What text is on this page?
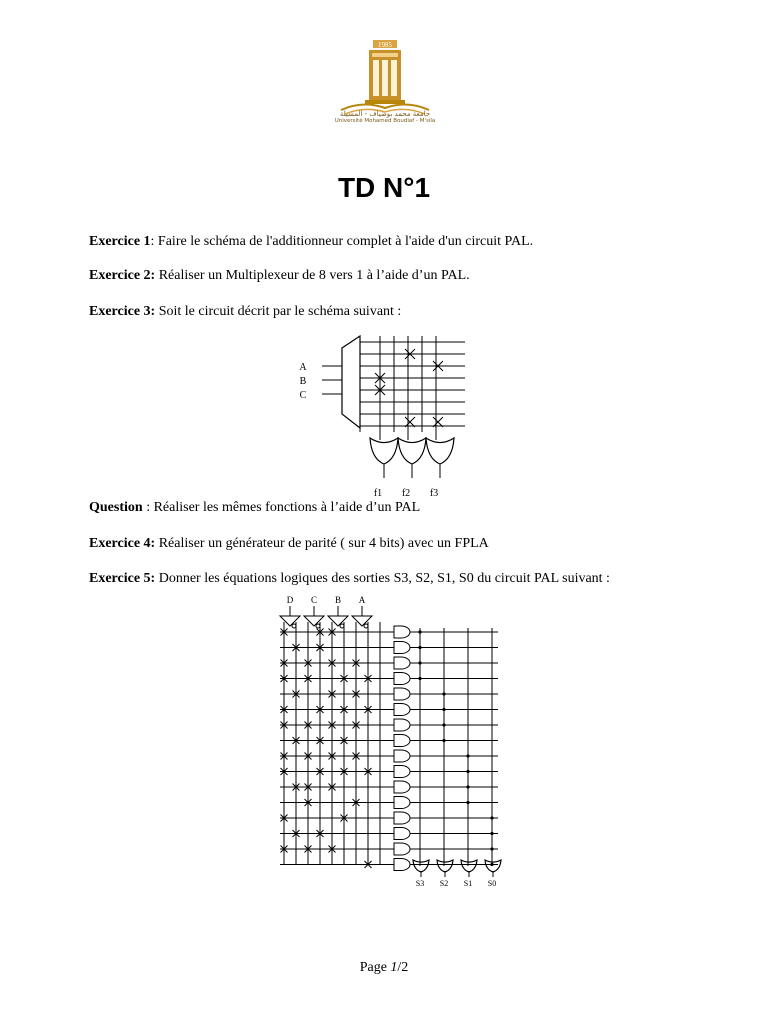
1985
جامعة محمد بوضياف - المسيلة
Université Mohamed Boudiaf - M'sila
TD N°1
Exercice 1: Faire le schéma de l'additionneur complet à l'aide d'un circuit PAL.
Exercice 2: Réaliser un Multiplexeur de 8 vers 1 à l’aide d’un PAL.
Exercice 3: Soit le circuit décrit par le schéma suivant :
A
B
C
f1 f2 f3
Question : Réaliser les mêmes fonctions à l’aide d’un PAL
Exercice 4: Réaliser un générateur de parité ( sur 4 bits) avec un FPLA
Exercice 5: Donner les équations logiques des sorties S3, S2, S1, S0 du circuit PAL suivant :
D C B A
S3 S2 S1 S0
Page 1/2
